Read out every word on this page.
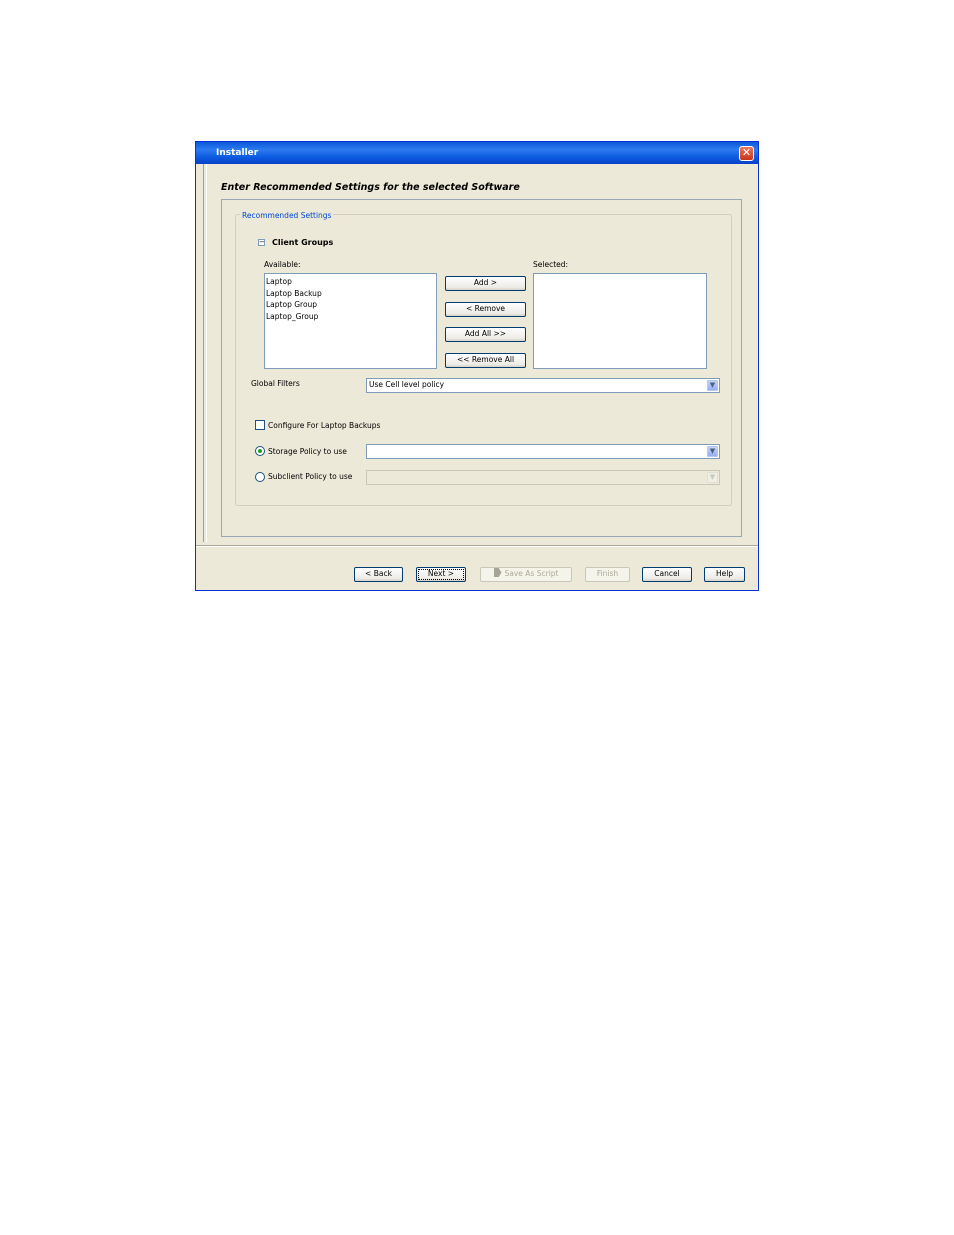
Installer	✕
Enter Recommended Settings for the selected Software
Recommended Settings
− Client Groups
Available:	Selected:
Laptop
Laptop Backup
Laptop Group
Laptop_Group
Add >
< Remove
Add All >>
<< Remove All
Global Filters	Use Cell level policy	▼
Configure For Laptop Backups
Storage Policy to use	▼
Subclient Policy to use	▼
< Back	Next >	Save As Script	Finish	Cancel	Help
